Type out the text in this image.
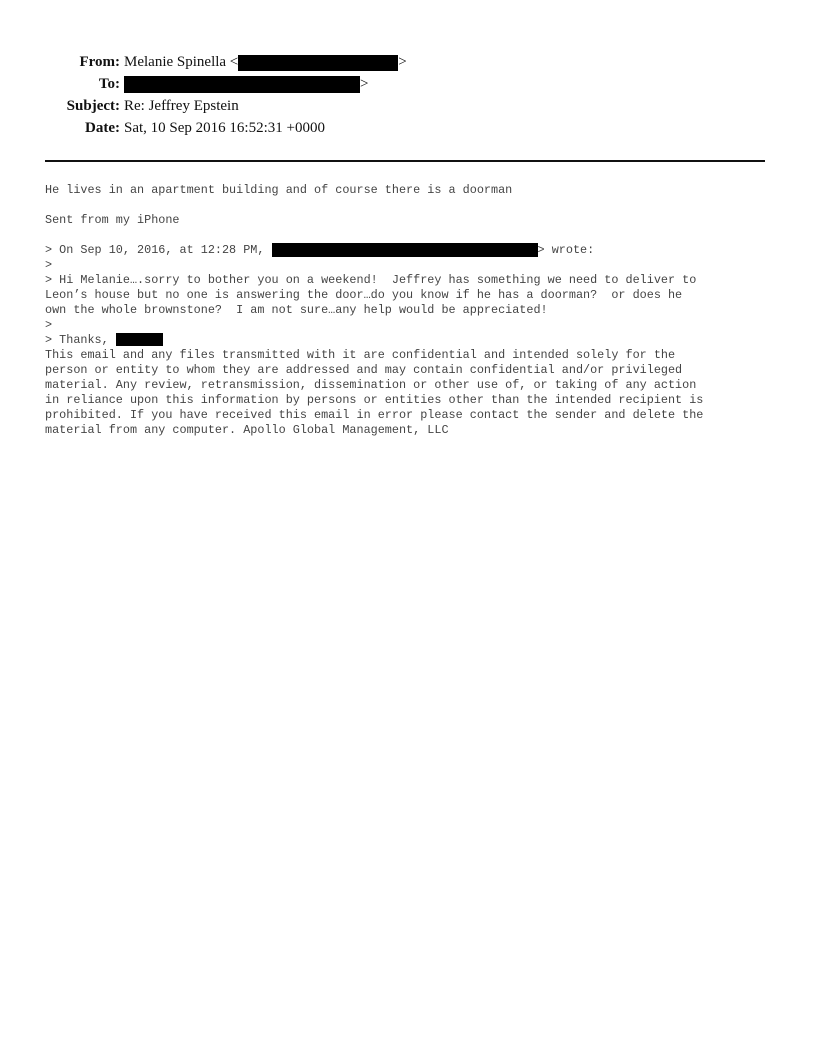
From: Melanie Spinella <	>
To:	>
Subject: Re: Jeffrey Epstein
Date: Sat, 10 Sep 2016 16:52:31 +0000
He lives in an apartment building and of course there is a doorman
Sent from my iPhone
> On Sep 10, 2016, at 12:28 PM,	> wrote:
>
> Hi Melanie….sorry to bother you on a weekend!  Jeffrey has something we need to deliver to
Leon’s house but no one is answering the door…do you know if he has a doorman?  or does he
own the whole brownstone?  I am not sure…any help would be appreciated!
>
> Thanks,
This email and any files transmitted with it are confidential and intended solely for the
person or entity to whom they are addressed and may contain confidential and/or privileged
material. Any review, retransmission, dissemination or other use of, or taking of any action
in reliance upon this information by persons or entities other than the intended recipient is
prohibited. If you have received this email in error please contact the sender and delete the
material from any computer. Apollo Global Management, LLC
